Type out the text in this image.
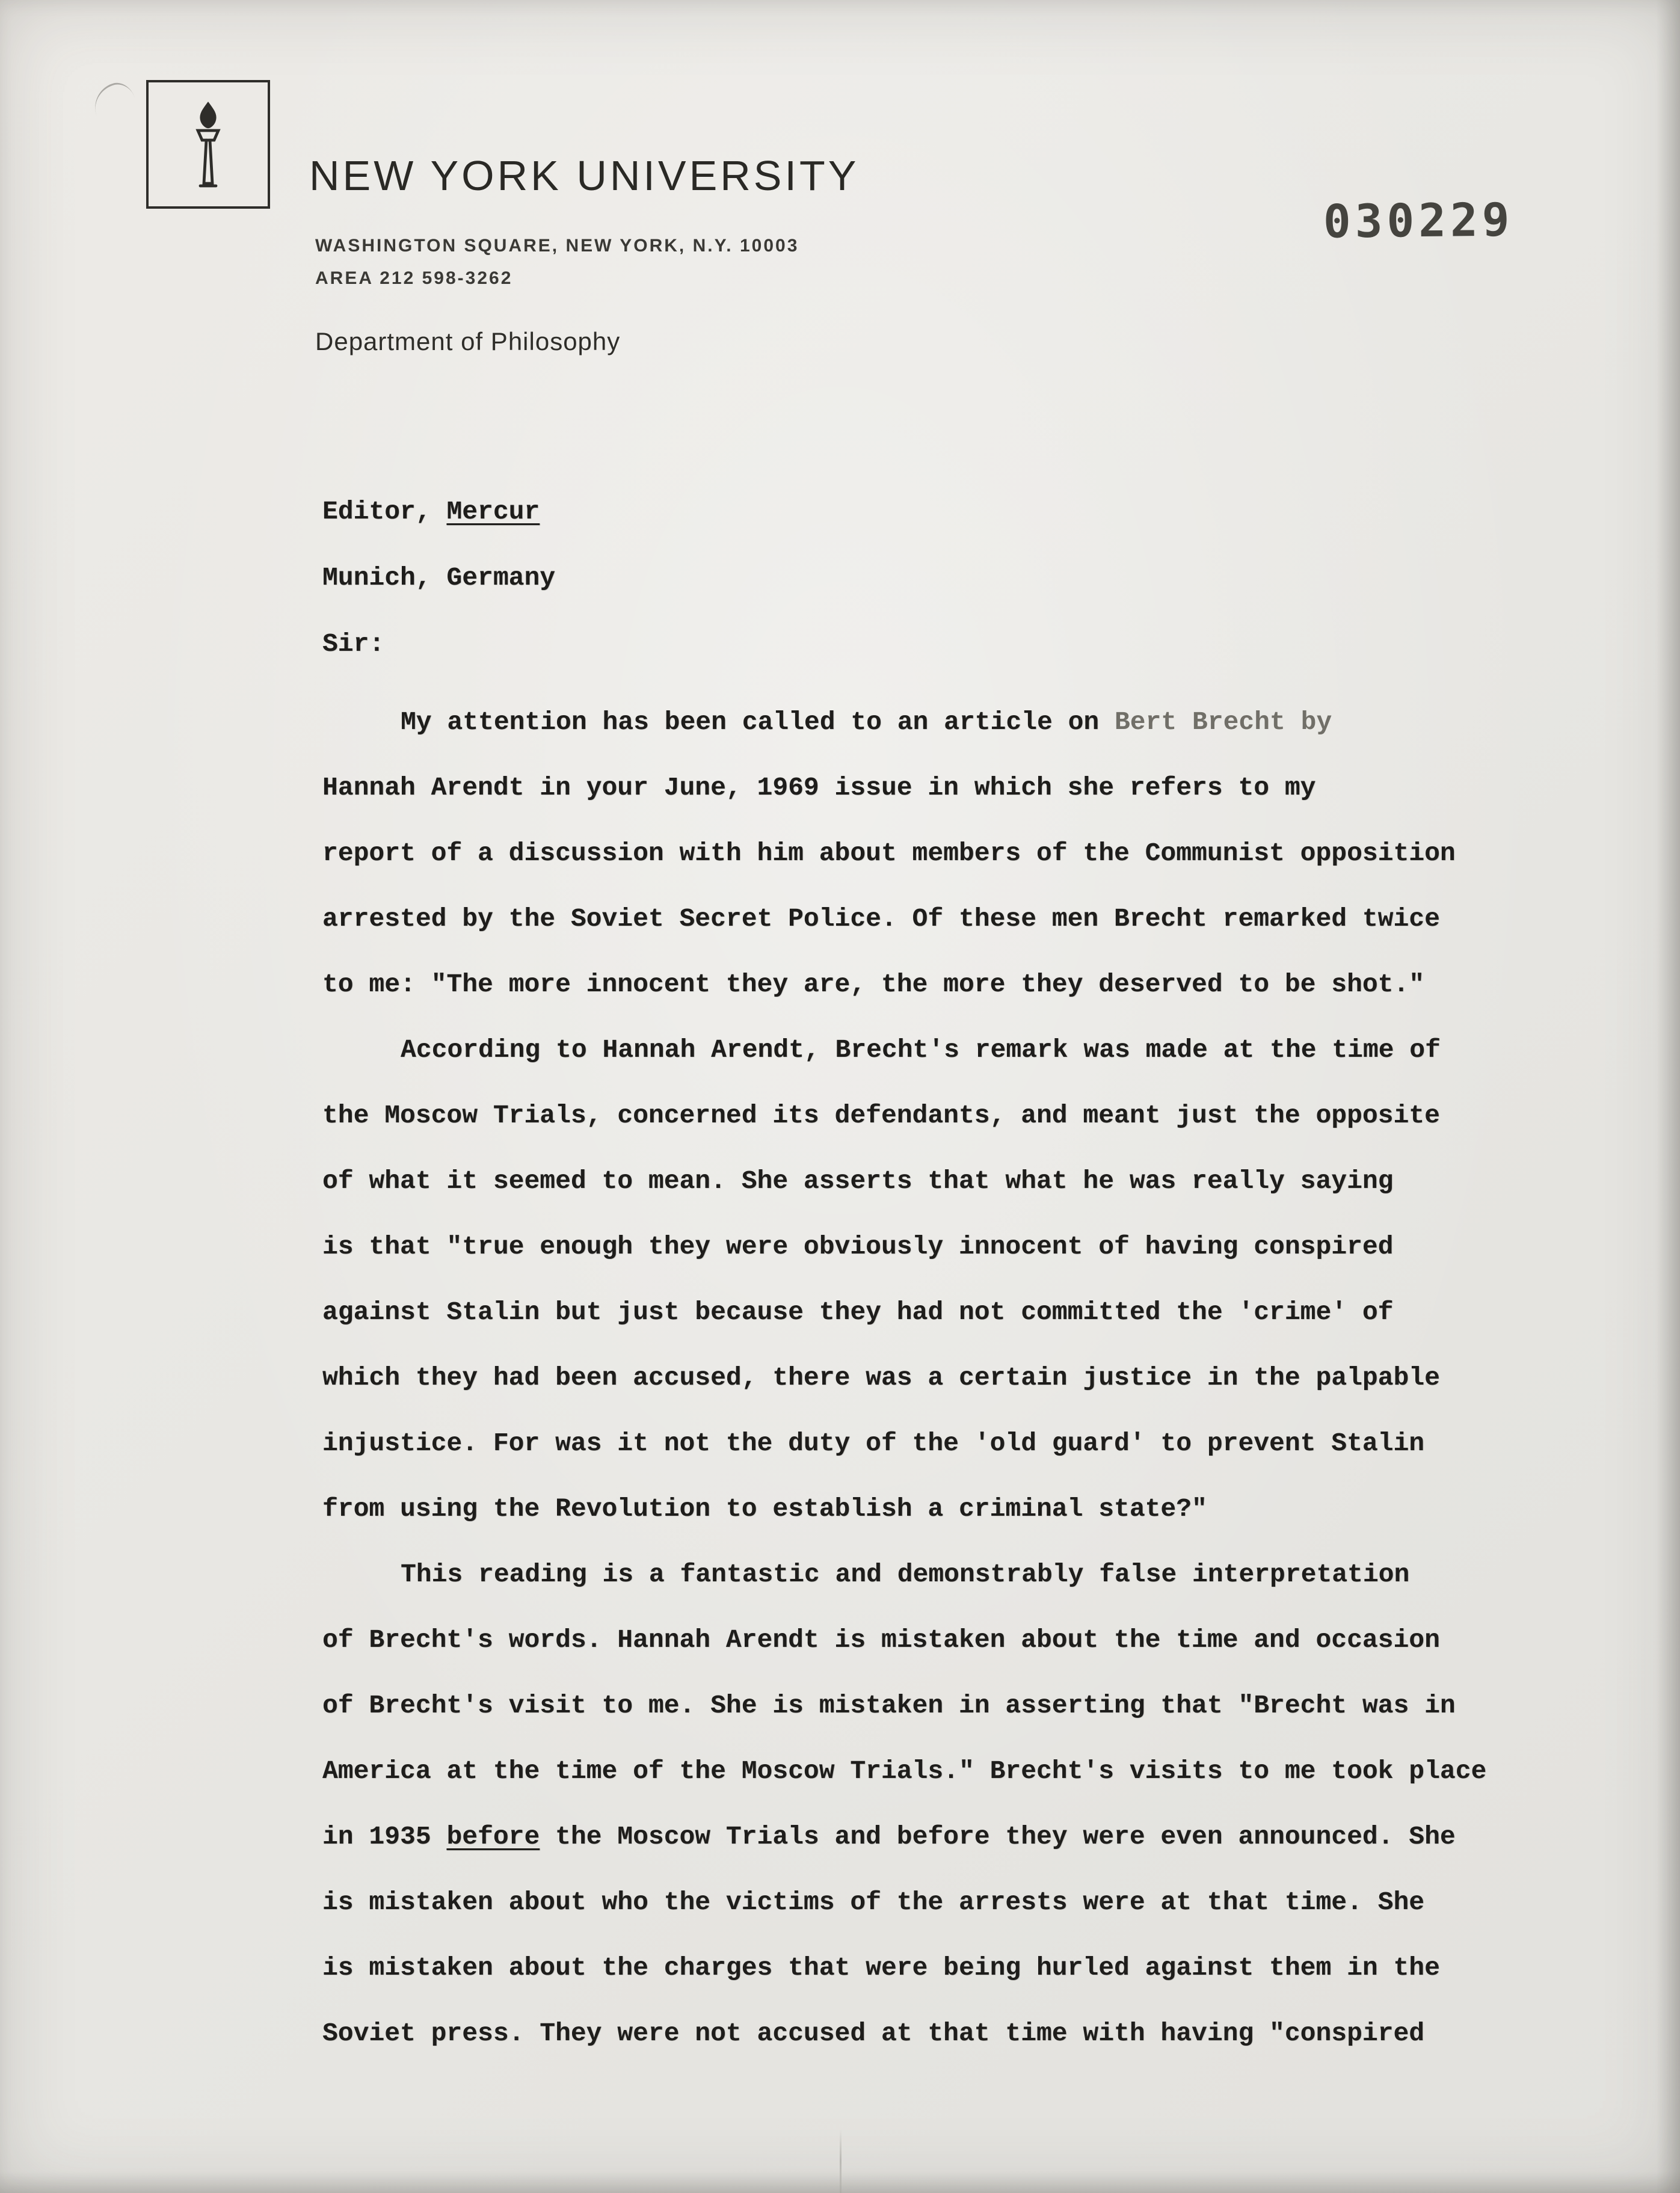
NEW YORK UNIVERSITY
WASHINGTON SQUARE, NEW YORK, N.Y. 10003
AREA 212 598-3262
Department of Philosophy
030229
Editor, Mercur
Munich, Germany
Sir:
My attention has been called to an article on Bert Brecht by
Hannah Arendt in your June, 1969 issue in which she refers to my
report of a discussion with him about members of the Communist opposition
arrested by the Soviet Secret Police. Of these men Brecht remarked twice
to me: "The more innocent they are, the more they deserved to be shot."
According to Hannah Arendt, Brecht's remark was made at the time of
the Moscow Trials, concerned its defendants, and meant just the opposite
of what it seemed to mean. She asserts that what he was really saying
is that "true enough they were obviously innocent of having conspired
against Stalin but just because they had not committed the 'crime' of
which they had been accused, there was a certain justice in the palpable
injustice. For was it not the duty of the 'old guard' to prevent Stalin
from using the Revolution to establish a criminal state?"
This reading is a fantastic and demonstrably false interpretation
of Brecht's words. Hannah Arendt is mistaken about the time and occasion
of Brecht's visit to me. She is mistaken in asserting that "Brecht was in
America at the time of the Moscow Trials." Brecht's visits to me took place
in 1935 before the Moscow Trials and before they were even announced. She
is mistaken about who the victims of the arrests were at that time. She
is mistaken about the charges that were being hurled against them in the
Soviet press. They were not accused at that time with having "conspired
